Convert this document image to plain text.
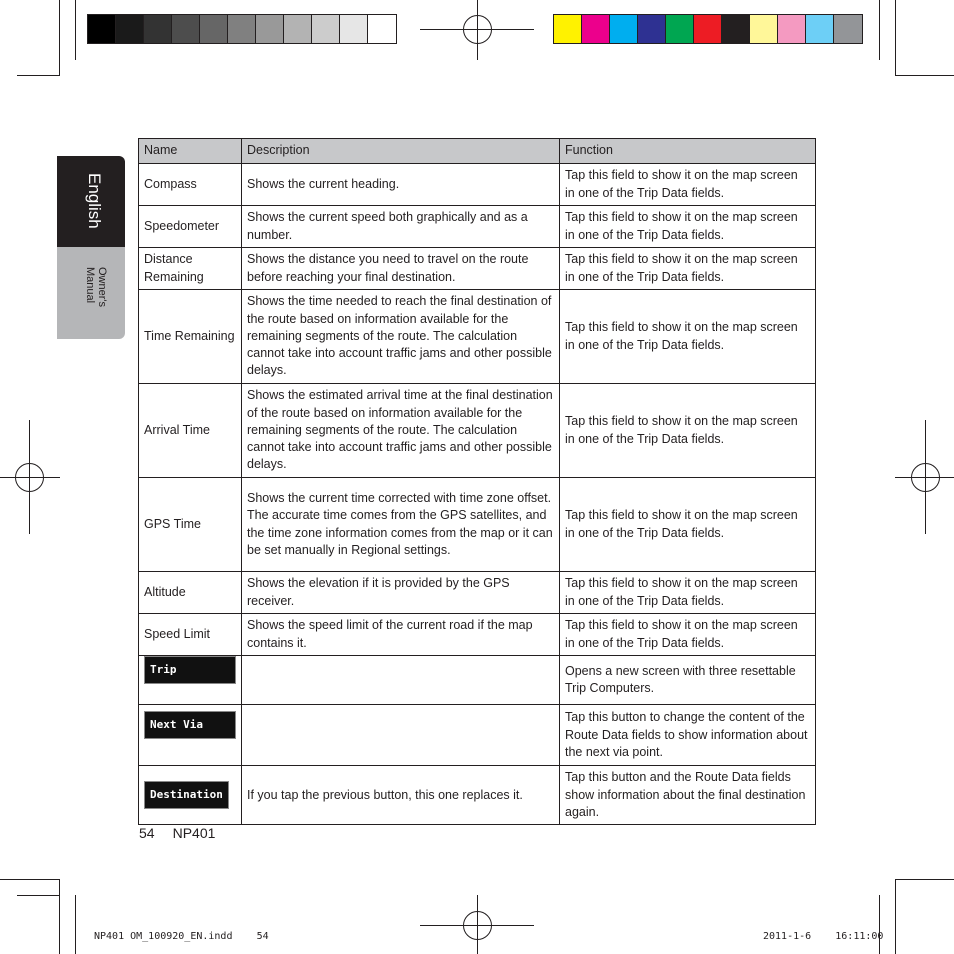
English
Owner's
Manual
Name	Description	Function
Compass	Shows the current heading.	Tap this field to show it on the map screen in one of the Trip Data fields.
Speedometer	Shows the current speed both graphically and as a number.	Tap this field to show it on the map screen in one of the Trip Data fields.
Distance Remaining	Shows the distance you need to travel on the route before reaching your final destination.	Tap this field to show it on the map screen in one of the Trip Data fields.
Time Remaining	Shows the time needed to reach the final destination of the route based on information available for the remaining segments of the route. The calculation cannot take into account traffic jams and other possible delays.	Tap this field to show it on the map screen in one of the Trip Data fields.
Arrival Time	Shows the estimated arrival time at the final destination of the route based on information available for the remaining segments of the route. The calculation cannot take into account traffic jams and other possible delays.	Tap this field to show it on the map screen in one of the Trip Data fields.
GPS Time	Shows the current time corrected with time zone offset. The accurate time comes from the GPS satellites, and the time zone information comes from the map or it can be set manually in Regional settings.	Tap this field to show it on the map screen in one of the Trip Data fields.
Altitude	Shows the elevation if it is provided by the GPS receiver.	Tap this field to show it on the map screen in one of the Trip Data fields.
Speed Limit	Shows the speed limit of the current road if the map contains it.	Tap this field to show it on the map screen in one of the Trip Data fields.
Trip Computer		Opens a new screen with three resettable Trip Computers.
Next Via Point		Tap this button to change the content of the Route Data fields to show information about the next via point.
Destination	If you tap the previous button, this one replaces it.	Tap this button and the Route Data fields show information about the final destination again.
54 NP401
NP401 OM_100920_EN.indd 54	2011-1-6 16:11:00
